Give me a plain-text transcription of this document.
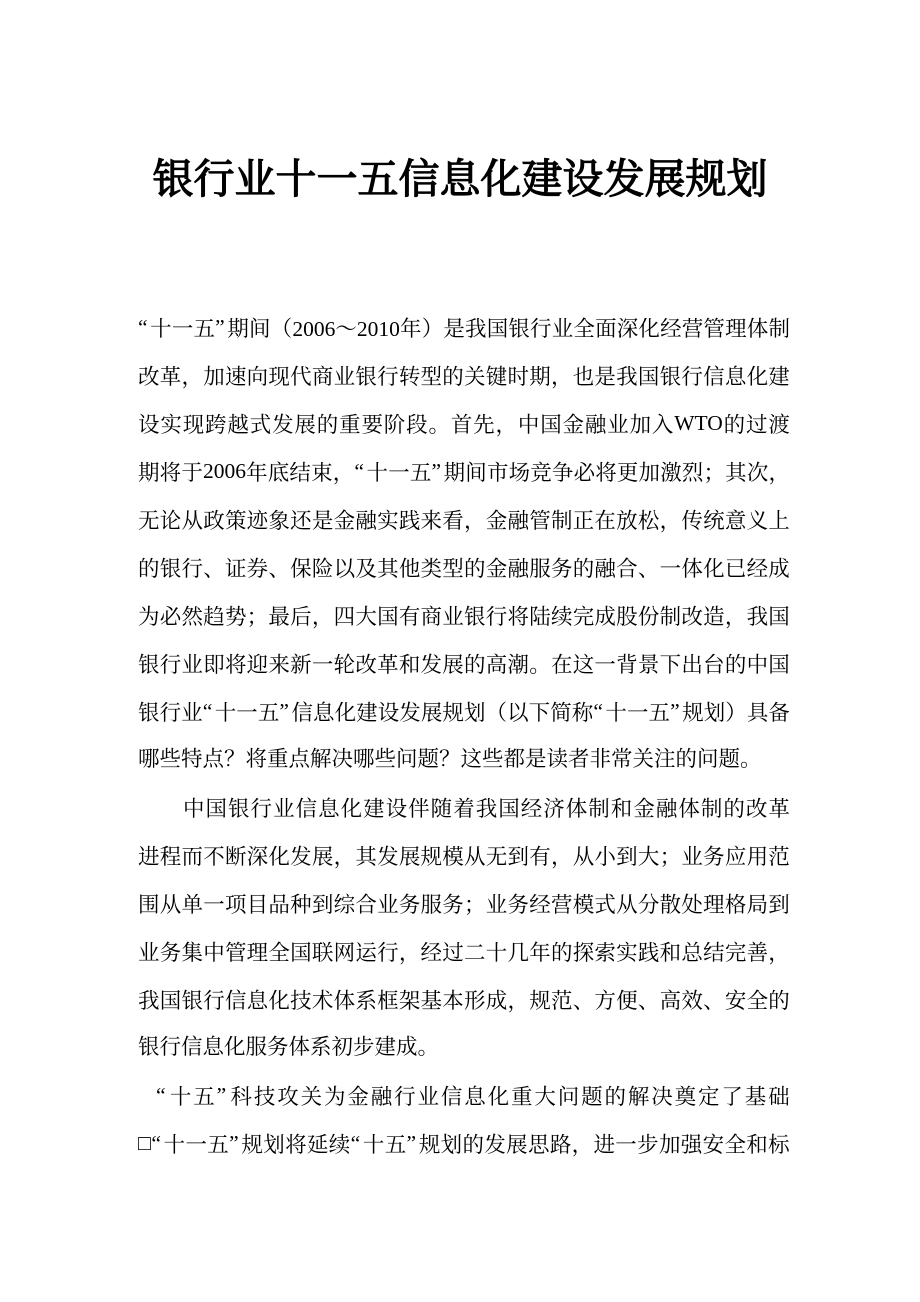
银行业十一五信息化建设发展规划
“ 十 一 五 ” 期 间 （ 2006～2010 年 ） 是 我 国 银 行 业 全 面 深 化 经 营 管 理 体 制
改 革 ， 加 速 向 现 代 商 业 银 行 转 型 的 关 键 时 期 ， 也 是 我 国 银 行 信 息 化 建
设 实 现 跨 越 式 发 展 的 重 要 阶 段 。 首 先 ， 中 国 金 融 业 加 入 WTO 的 过 渡
期 将 于 2006 年 底 结 束 ， “ 十 一 五 ” 期 间 市 场 竞 争 必 将 更 加 激 烈 ； 其 次 ，
无 论 从 政 策 迹 象 还 是 金 融 实 践 来 看 ， 金 融 管 制 正 在 放 松 ， 传 统 意 义 上
的 银 行 、 证 券 、 保 险 以 及 其 他 类 型 的 金 融 服 务 的 融 合 、 一 体 化 已 经 成
为 必 然 趋 势 ； 最 后 ， 四 大 国 有 商 业 银 行 将 陆 续 完 成 股 份 制 改 造 ， 我 国
银 行 业 即 将 迎 来 新 一 轮 改 革 和 发 展 的 高 潮 。 在 这 一 背 景 下 出 台 的 中 国
银 行 业 “ 十 一 五 ” 信 息 化 建 设 发 展 规 划 （ 以 下 简 称 “ 十 一 五 ” 规 划 ） 具 备
哪些特点？将重点解决哪些问题？这些都是读者非常关注的问题。
中 国 银 行 业 信 息 化 建 设 伴 随 着 我 国 经 济 体 制 和 金 融 体 制 的 改 革
进 程 而 不 断 深 化 发 展 ， 其 发 展 规 模 从 无 到 有 ， 从 小 到 大 ； 业 务 应 用 范
围 从 单 一 项 目 品 种 到 综 合 业 务 服 务 ； 业 务 经 营 模 式 从 分 散 处 理 格 局 到
业 务 集 中 管 理 全 国 联 网 运 行 ， 经 过 二 十 几 年 的 探 索 实 践 和 总 结 完 善 ，
我 国 银 行 信 息 化 技 术 体 系 框 架 基 本 形 成 ， 规 范 、 方 便 、 高 效 、 安 全 的
银行信息化服务体系初步建成。
“ 十 五 ” 科 技 攻 关 为 金 融 行 业 信 息 化 重 大 问 题 的 解 决 奠 定 了 基 础
□ “ 十 一 五 ” 规 划 将 延 续 “ 十 五 ” 规 划 的 发 展 思 路 ， 进 一 步 加 强 安 全 和 标
